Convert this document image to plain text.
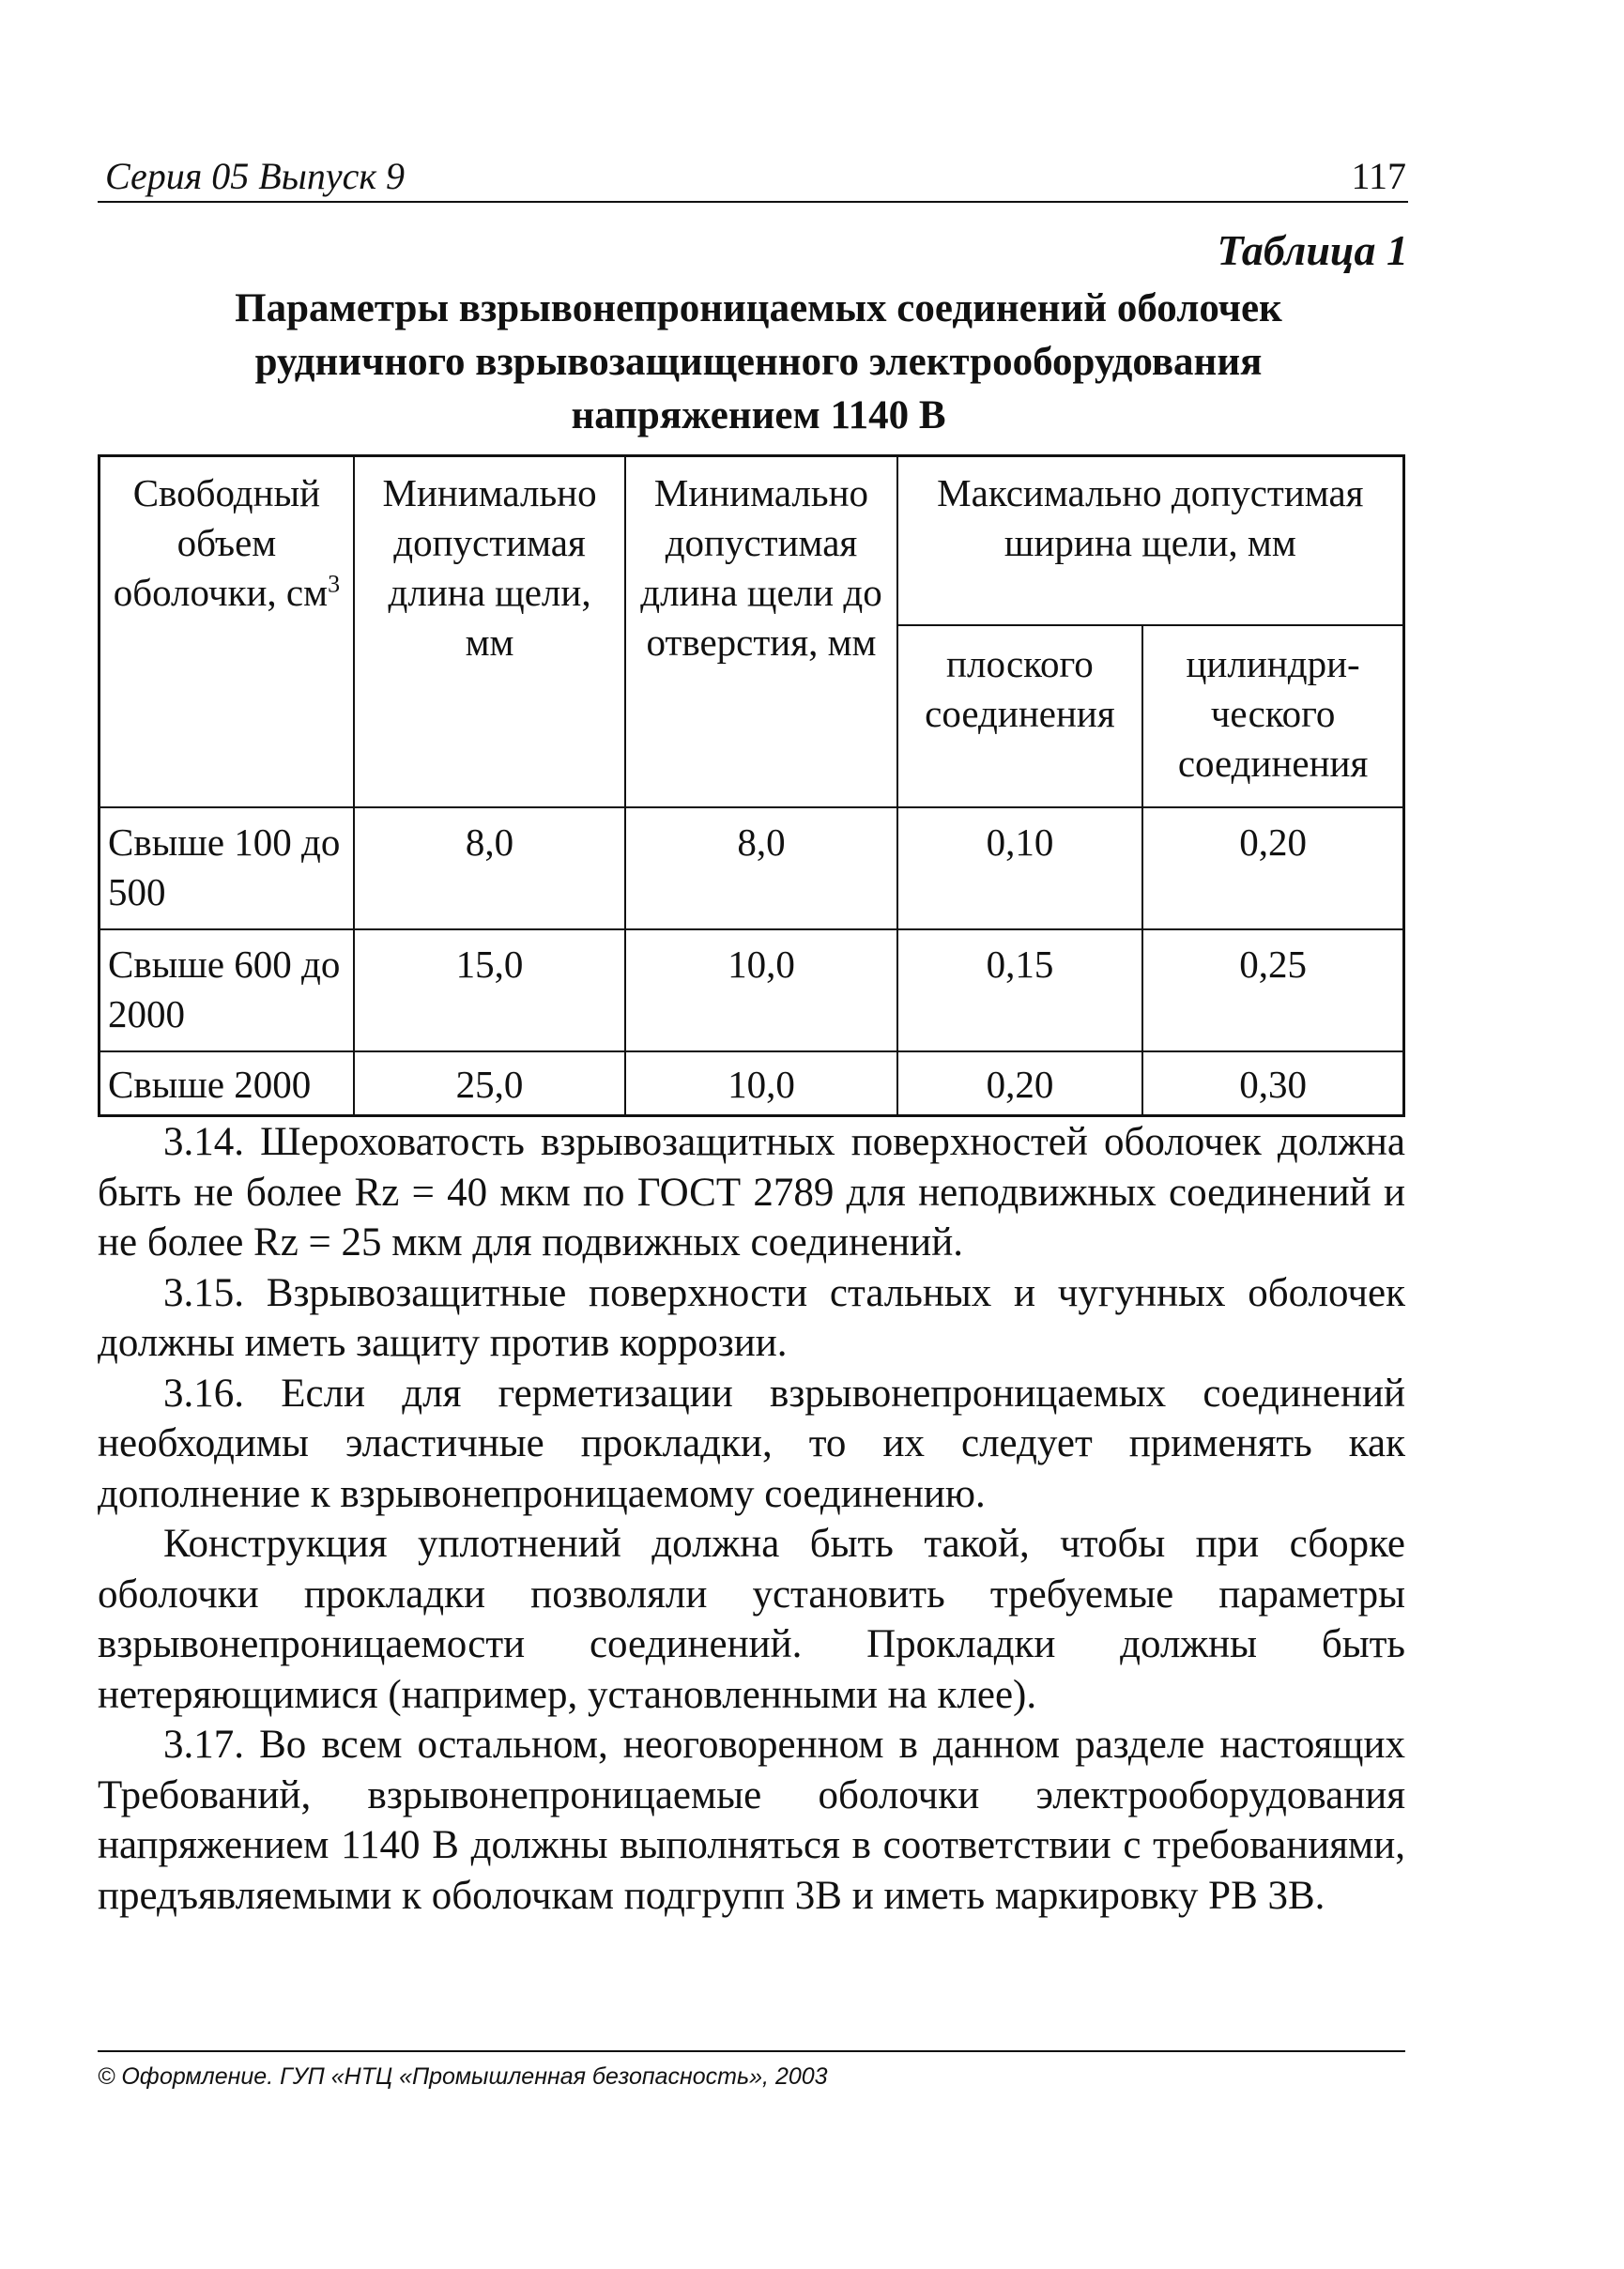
Серия 05 Выпуск 9	117
Таблица 1
Параметры взрывонепроницаемых соединений оболочек
рудничного взрывозащищенного электрооборудования
напряжением 1140 В
Свободный объем оболочки, $см^3$	Минимально допустимая длина щели, мм	Минимально допустимая длина щели до отверстия, мм	Максимально допустимая ширина щели, мм	
			плоского соединения	цилиндрического соединения
Свыше 100 до 500	8,0	8,0	0,10	0,20
Свыше 600 до 2000	15,0	10,0	0,15	0,25
Свыше 2000	25,0	10,0	0,20	0,30

3.14. Шероховатость взрывозащитных поверхностей оболочек должна быть не более Rz = 40 мкм по ГОСТ 2789 для неподвижных соединений и не более Rz = 25 мкм для подвижных соединений.

3.15. Взрывозащитные поверхности стальных и чугунных оболочек должны иметь защиту против коррозии.

3.16. Если для герметизации взрывонепроницаемых соединений необходимы эластичные прокладки, то их следует применять как дополнение к взрывонепроницаемому соединению.

Конструкция уплотнений должна быть такой, чтобы при сборке оболочки прокладки позволяли установить требуемые параметры взрывонепроницаемости соединений. Прокладки должны быть нетеряющимися (например, установленными на клее).

3.17. Во всем остальном, неоговоренном в данном разделе настоящих Требований, взрывонепроницаемые оболочки электрооборудования напряжением 1140 В должны выполняться в соответствии с требованиями, предъявляемыми к оболочкам подгрупп 3В и иметь маркировку РВ 3В.

© Оформление. ГУП «НТЦ «Промышленная безопасность», 2003
